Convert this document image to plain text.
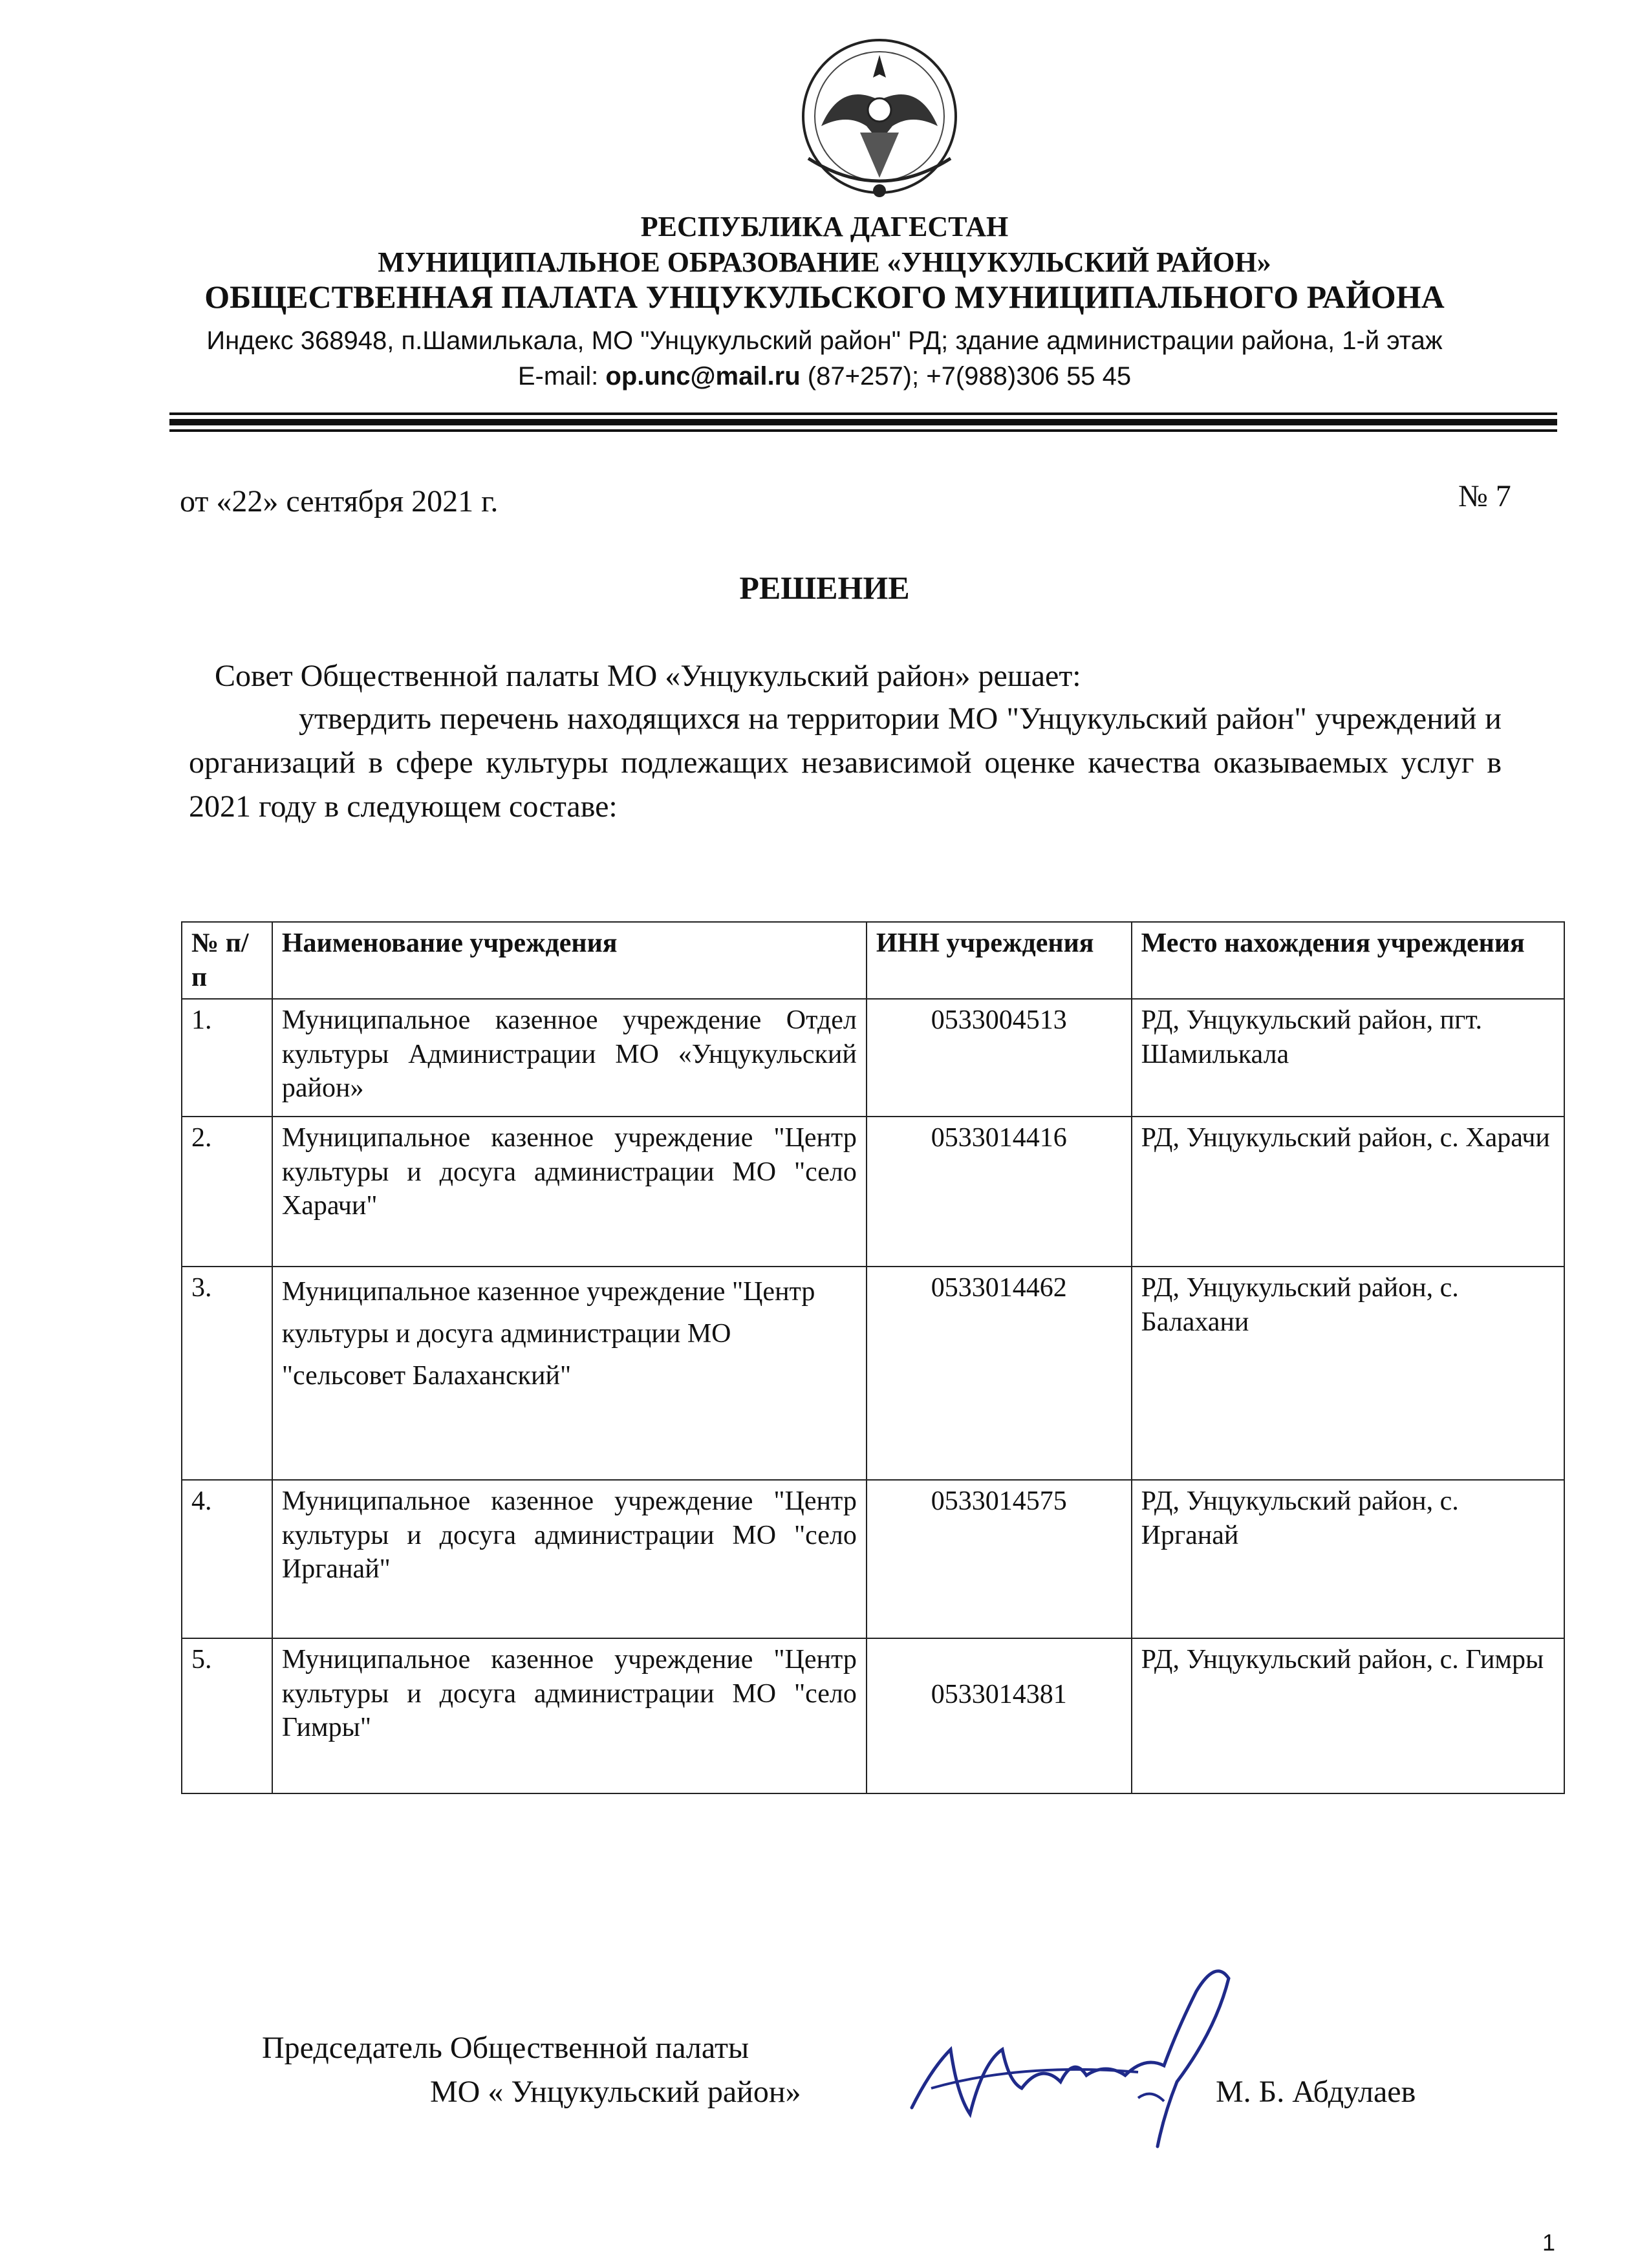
РЕСПУБЛИКА ДАГЕСТАН
МУНИЦИПАЛЬНОЕ ОБРАЗОВАНИЕ «УНЦУКУЛЬСКИЙ РАЙОН»
ОБЩЕСТВЕННАЯ ПАЛАТА УНЦУКУЛЬСКОГО МУНИЦИПАЛЬНОГО РАЙОНА
Индекс 368948, п.Шамилькала, МО "Унцукульский район" РД; здание администрации района, 1-й этаж
E-mail: op.unc@mail.ru (87+257); +7(988)306 55 45
от «22» сентября 2021 г.	№ 7
РЕШЕНИЕ
Совет Общественной палаты МО «Унцукульский район» решает:
утвердить перечень находящихся на территории МО "Унцукульский район" учреждений и организаций в сфере культуры подлежащих независимой оценке качества оказываемых услуг в 2021 году в следующем составе:
№ п/п	Наименование учреждения	ИНН учреждения	Место нахождения учреждения
1.	Муниципальное казенное учреждение Отдел культуры Администрации МО «Унцукульский район»	0533004513	РД, Унцукульский район, пгт. Шамилькала
2.	Муниципальное казенное учреждение "Центр культуры и досуга администрации МО "село Харачи"	0533014416	РД, Унцукульский район, с. Харачи
3.	Муниципальное казенное учреждение "Центр культуры и досуга администрации МО "сельсовет Балаханский"	0533014462	РД, Унцукульский район, с. Балахани
4.	Муниципальное казенное учреждение "Центр культуры и досуга администрации МО "село Ирганай"	0533014575	РД, Унцукульский район, с. Ирганай
5.	Муниципальное казенное учреждение "Центр культуры и досуга администрации МО "село Гимры"	0533014381	РД, Унцукульский район, с. Гимры
Председатель Общественной палаты
МО « Унцукульский район»	М. Б. Абдулаев
1
